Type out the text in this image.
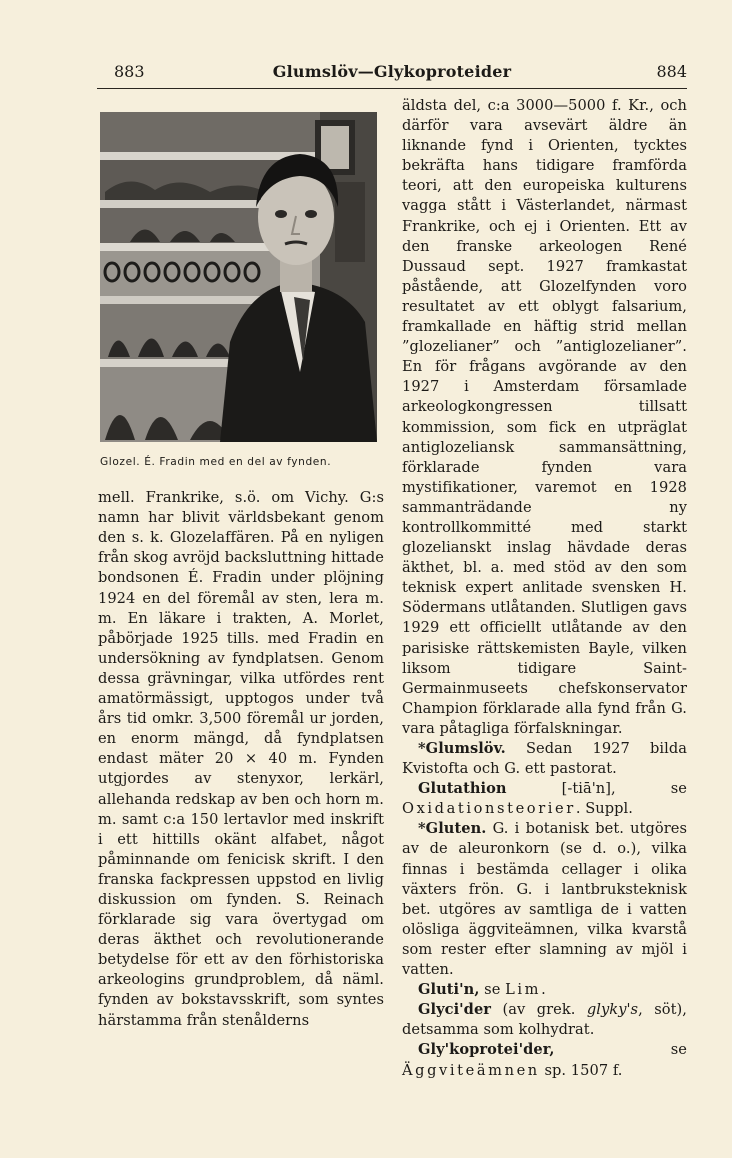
883	Glumslöv—Glykoproteider	884
Glozel. É. Fradin med en del av fynden.

mell. Frankrike, s.ö. om Vichy. G:s namn har blivit världsbekant genom den s. k. Glozelaffären. På en nyligen från skog avröjd backsluttning hittade bondsonen É. Fradin under plöjning 1924 en del föremål av sten, lera m. m. En läkare i trakten, A. Morlet, påbörjade 1925 tills. med Fradin en undersökning av fyndplatsen. Genom dessa grävningar, vilka utfördes rent amatörmässigt, upptogos under två års tid omkr. 3,500 föremål ur jorden, en enorm mängd, då fyndplatsen endast mäter 20 × 40 m. Fynden utgjordes av stenyxor, lerkärl, allehanda redskap av ben och horn m. m. samt c:a 150 lertavlor med inskrift i ett hittills okänt alfabet, något påminnande om fenicisk skrift. I den franska fackpressen uppstod en livlig diskussion om fynden. S. Reinach förklarade sig vara övertygad om deras äkthet och revolutionerande betydelse för ett av den förhistoriska arkeologins grundproblem, då näml. fynden av bokstavsskrift, som syntes härstamma från stenålderns

äldsta del, c:a 3000—5000 f. Kr., och därför vara avsevärt äldre än liknande fynd i Orienten, tycktes bekräfta hans tidigare framförda teori, att den europeiska kulturens vagga stått i Västerlandet, närmast Frankrike, och ej i Orienten. Ett av den franske arkeologen René Dussaud sept. 1927 framkastat påstående, att Glozelfynden voro resultatet av ett oblygt falsarium, framkallade en häftig strid mellan ”glozelianer” och ”antiglozelianer”. En för frågans avgörande av den 1927 i Amsterdam församlade arkeologkongressen tillsatt kommission, som fick en utpräglat antiglozeliansk sammansättning, förklarade fynden vara mystifikationer, varemot en 1928 sammanträdande ny kontrollkommitté med starkt glozelianskt inslag hävdade deras äkthet, bl. a. med stöd av den som teknisk expert anlitade svensken H. Södermans utlåtanden. Slutligen gavs 1929 ett officiellt utlåtande av den parisiske rättskemisten Bayle, vilken liksom tidigare Saint-Germainmuseets chefskonservator Champion förklarade alla fynd från G. vara påtagliga förfalskningar.

*Glumslöv. Sedan 1927 bilda Kvistofta och G. ett pastorat.

Glutathion [-tiā'n], se Oxidationsteorier. Suppl.

*Gluten. G. i botanisk bet. utgöres av de aleuronkorn (se d. o.), vilka finnas i bestämda cellager i olika växters frön. G. i lantbruksteknisk bet. utgöres av samtliga de i vatten olösliga äggviteämnen, vilka kvarstå som rester efter slamning av mjöl i vatten.

Gluti'n, se Lim.

Glyci'der (av grek. glyky's, söt), detsamma som kolhydrat.

Gly'koprotei'der, se Äggviteämnen sp. 1507 f.
